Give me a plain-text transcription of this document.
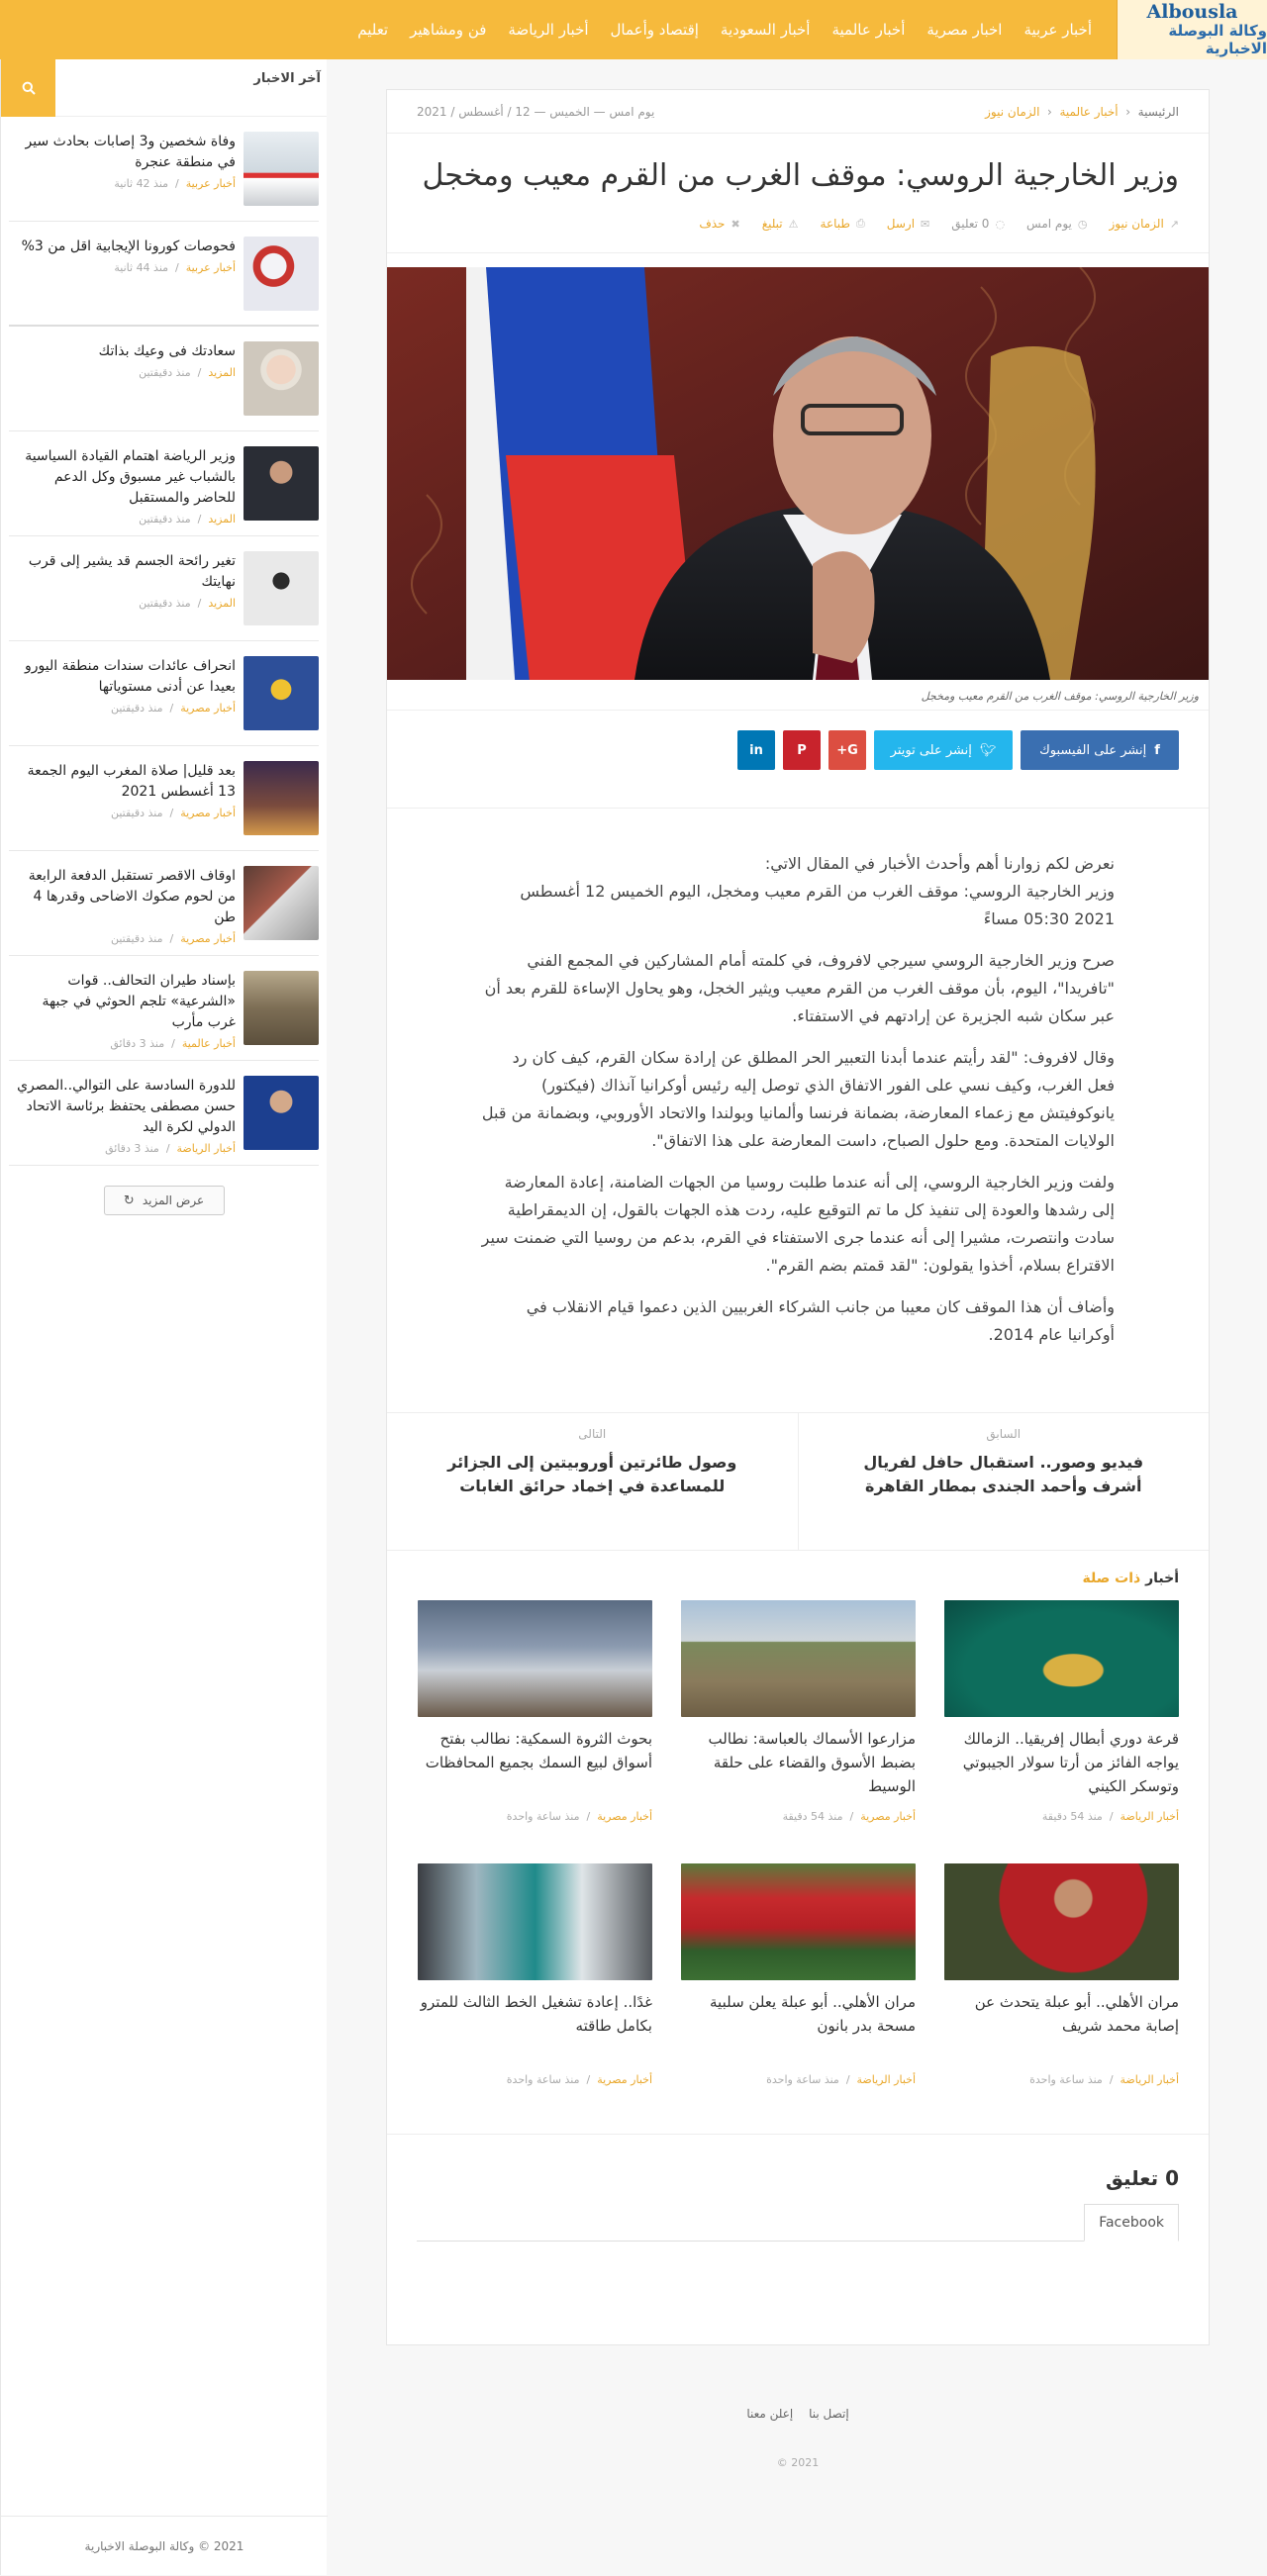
Albousla
وكالة البوصلة الاخبارية
أخبار عربية
اخبار مصرية
أخبار عالمية
أخبار السعودية
إقتصاد وأعمال
أخبار الرياضة
فن ومشاهير
تعليم
آخر الاخبار
وفاة شخصين و3 إصابات بحادث سير في منطقة عنجرة
أخبار عربية  /  منذ 42 ثانية
فحوصات كورونا الإيجابية اقل من 3%
أخبار عربية  /  منذ 44 ثانية
سعادتك فى وعيك بذاتك
المزيد  /  منذ دقيقتين
وزير الرياضة اهتمام القيادة السياسية بالشباب غير مسبوق وكل الدعم للحاضر والمستقبل
المزيد  /  منذ دقيقتين
تغير رائحة الجسم قد يشير إلى قرب نهايتك
المزيد  /  منذ دقيقتين
انحراف عائدات سندات منطقة اليورو بعيدا عن أدنى مستوياتها
أخبار مصرية  /  منذ دقيقتين
بعد قليل| صلاة المغرب اليوم الجمعة 13 أغسطس 2021
أخبار مصرية  /  منذ دقيقتين
اوقاف الاقصر تستقبل الدفعة الرابعة من لحوم صكوك الاضاحى وقدرها 4 طن
أخبار مصرية  /  منذ دقيقتين
بإسناد طيران التحالف.. قوات «الشرعية» تلجم الحوثي في جبهة غرب مأرب
أخبار عالمية  /  منذ 3 دقائق
للدورة السادسة على التوالي..المصري حسن مصطفى يحتفظ برئاسة الاتحاد الدولي لكرة اليد
أخبار الرياضة  /  منذ 3 دقائق
عرض المزيد
↻
2021 © وكالة البوصلة الاخبارية
الرئيسية  ‹  أخبار عالمية  ‹  الزمان نيوز
يوم امس — الخميس — 12 / أغسطس / 2021
وزير الخارجية الروسي: موقف الغرب من القرم معيب ومخجل
↗
الزمان نيوز
◷
يوم امس
◌
0 تعليق
✉
ارسل
⎙
طباعة
⚠
تبليغ
✖
حذف
وزير الخارجية الروسي: موقف الغرب من القرم معيب ومخجل
f
إنشر على الفيسبوك
🐦︎
إنشر على تويتر
G+
P
in

نعرض لكم زوارنا أهم وأحدث الأخبار في المقال الاتي:
وزير الخارجية الروسي: موقف الغرب من القرم معيب ومخجل، اليوم الخميس 12 أغسطس 2021 05:30 مساءً

صرح وزير الخارجية الروسي سيرجي لافروف، في كلمته أمام المشاركين في المجمع الفني "تافريدا"، اليوم، بأن موقف الغرب من القرم معيب ويثير الخجل، وهو يحاول الإساءة للقرم بعد أن عبر سكان شبه الجزيرة عن إرادتهم في الاستفتاء.

وقال لافروف: "لقد رأيتم عندما أبدنا التعبير الحر المطلق عن إرادة سكان القرم، كيف كان رد فعل الغرب، وكيف نسي على الفور الاتفاق الذي توصل إليه رئيس أوكرانيا آنذاك (فيكتور) يانوكوفيتش مع زعماء المعارضة، بضمانة فرنسا وألمانيا وبولندا والاتحاد الأوروبي، وبضمانة من قبل الولايات المتحدة. ومع حلول الصباح، داست المعارضة على هذا الاتفاق".

ولفت وزير الخارجية الروسي، إلى أنه عندما طلبت روسيا من الجهات الضامنة، إعادة المعارضة إلى رشدها والعودة إلى تنفيذ كل ما تم التوقيع عليه، ردت هذه الجهات بالقول، إن الديمقراطية سادت وانتصرت، مشيرا إلى أنه عندما جرى الاستفتاء في القرم، بدعم من روسيا التي ضمنت سير الاقتراع بسلام، أخذوا يقولون: "لقد قمتم بضم القرم".

وأضاف أن هذا الموقف كان معيبا من جانب الشركاء الغربيين الذين دعموا قيام الانقلاب في أوكرانيا عام 2014.

السابق
فيديو وصور.. استقبال حافل لفريال أشرف وأحمد الجندى بمطار القاهرة
التالى
وصول طائرتين أوروبيتين إلى الجزائر للمساعدة في إخماد حرائق الغابات
أخبار ذات صلة
قرعة دوري أبطال إفريقيا.. الزمالك يواجه الفائز من أرتا سولار الجيبوتي وتوسكر الكيني
أخبار الرياضة  /  منذ 54 دقيقة
مزارعوا الأسماك بالعباسة: نطالب بضبط الأسوق والقضاء على حلقة الوسيط
أخبار مصرية  /  منذ 54 دقيقة
بحوث الثروة السمكية: نطالب بفتح أسواق لبيع السمك بجميع المحافظات
أخبار مصرية  /  منذ ساعة واحدة
مران الأهلي.. أبو عبلة يتحدث عن إصابة محمد شريف
أخبار الرياضة  /  منذ ساعة واحدة
مران الأهلي.. أبو عبلة يعلن سلبية مسحة بدر بانون
أخبار الرياضة  /  منذ ساعة واحدة
غدًا.. إعادة تشغيل الخط الثالث للمترو بكامل طاقته
أخبار مصرية  /  منذ ساعة واحدة
0 تعليق
Facebook
إتصل بنا إعلن معنا
2021 ©
